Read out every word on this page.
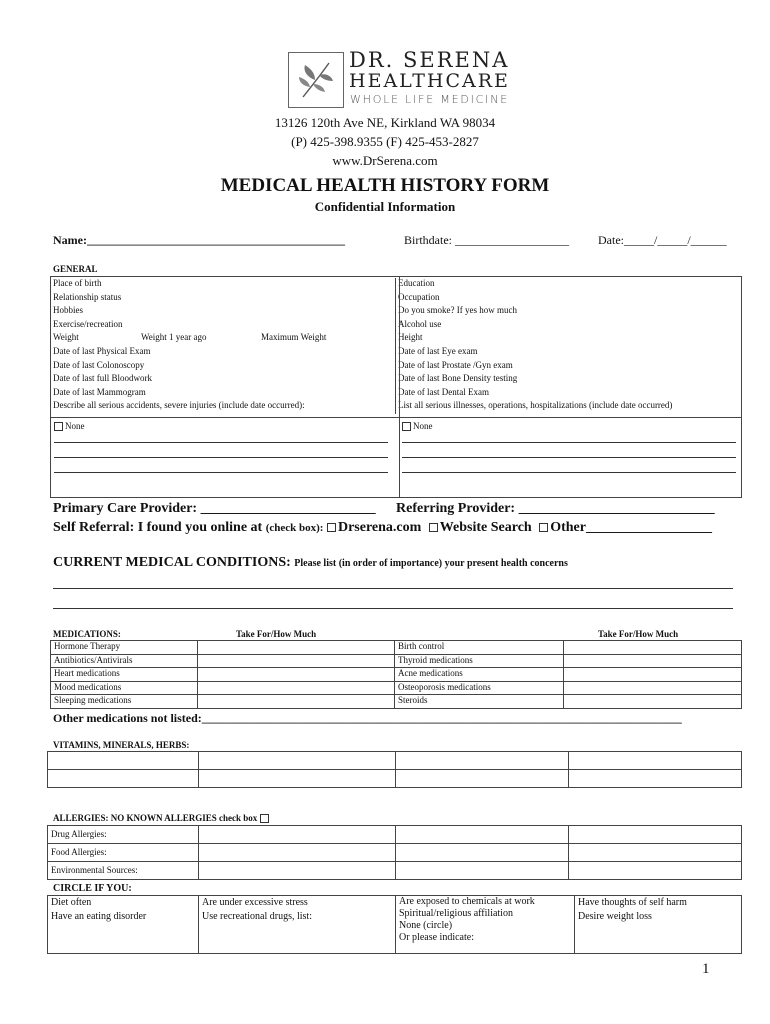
DR. SERENA
HEALTHCARE
WHOLE LIFE MEDICINE
13126 120th Ave NE, Kirkland WA 98034
(P) 425-398.9355 (F) 425-453-2827
www.DrSerena.com
MEDICAL HEALTH HISTORY FORM
Confidential Information
Name:___________________________________________	Birthdate: ___________________ Date:_____/_____/______
GENERAL
Place of birth	Education
Relationship status	Occupation
Hobbies	Do you smoke? If yes how much
Exercise/recreation	Alcohol use
Weight Weight 1 year ago Maximum Weight	Height
Date of last Physical Exam	Date of last Eye exam
Date of last Colonoscopy	Date of last Prostate /Gyn exam
Date of last full Bloodwork	Date of last Bone Density testing
Date of last Mammogram	Date of last Dental Exam
Describe all serious accidents, severe injuries (include date occurred):	List all serious illnesses, operations, hospitalizations (include date occurred)
None	None
Primary Care Provider: _________________________ Referring Provider: ____________________________
Self Referral: I found you online at (check box): Drserena.com Website Search Other__________________
CURRENT MEDICAL CONDITIONS: Please list (in order of importance) your present health concerns
MEDICATIONS:	Take For/How Much	Take For/How Much
Hormone Therapy		Birth control	
Antibiotics/Antivirals		Thyroid medications	
Heart medications		Acne medications	
Mood medications		Osteoporosis medications	
Sleeping medications		Steroids	
Other medications not listed:________________________________________________________________________________
VITAMINS, MINERALS, HERBS:

ALLERGIES: NO KNOWN ALLERGIES check box
Drug Allergies:			
Food Allergies:			
Environmental Sources:			
CIRCLE IF YOU:
Diet often
Have an eating disorder

Are under excessive stress
Use recreational drugs, list:

Are exposed to chemicals at work
Spiritual/religious affiliation
None (circle)
Or please indicate:

Have thoughts of self harm
Desire weight loss
1
